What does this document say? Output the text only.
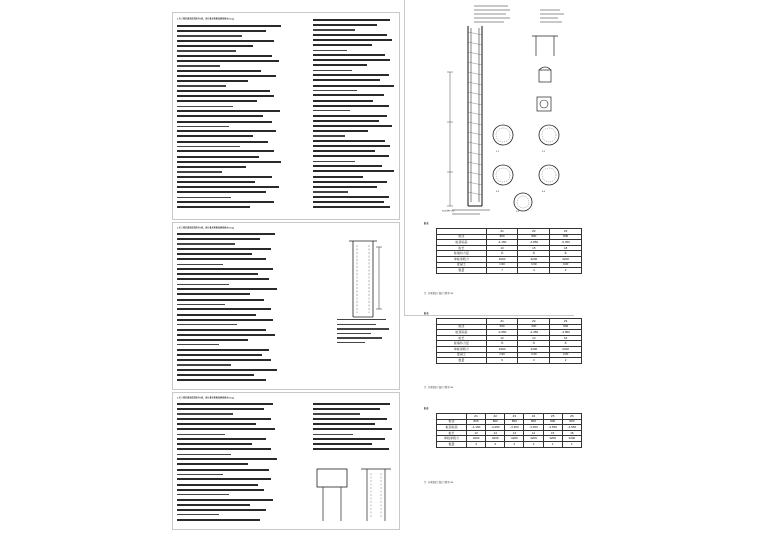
1.本工程抗震设防烈度为7度，设计基本地震加速度值为0.10g
1.本工程抗震设防烈度为7度，设计基本地震加速度值为0.10g
1.本工程抗震设防烈度为7度，设计基本地震加速度值为0.10g
桩身详图 1:50
1-1	2-2
3-3	4-4
5-5
桩表
	Z1	Z2	Z3
桩径	800	800	800
桩顶标高	-4.150	-4.850	-5.350
桩长	13	15	18
桩端持力层	⑥	⑥	⑥
单桩承载力	3200	3200	3200
混凝土	C30	C30	C30
数量	7	4	2
注：桩身混凝土强度等级为C30
桩表
	Z1	Z2	Z3
桩径	600	600	600
桩顶标高	-3.950	-4.450	-4.850
桩长	12	14	16
桩端持力层	⑤	⑤	⑤
单桩承载力	2400	2400	2400
混凝土	C30	C30	C30
数量	6	3	2
注：桩身混凝土强度等级为C30
桩表
	Z1	Z2	Z3	Z4	Z5	Z6
桩径	800	800	800	800	800	800
桩顶标高	-4.150	-4.250	-4.350	-4.450	-4.550	-4.650
桩长	13	13	14	14	15	15
单桩承载力	3200	3200	3200	3200	3200	3200
数量	4	3	2	2	1	1
注：桩身混凝土强度等级为C30
